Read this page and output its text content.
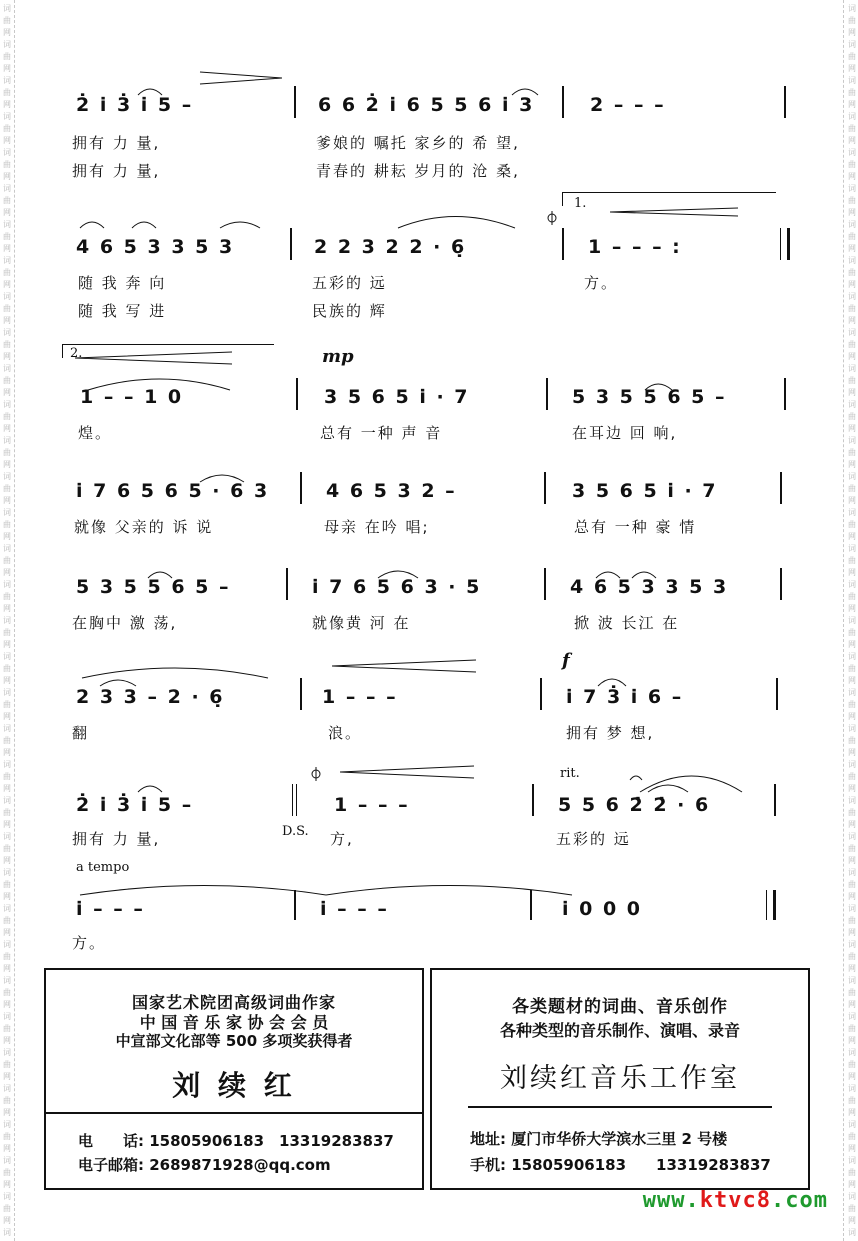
词
曲
网
词
曲
网
词
曲
网
词
曲
网
词
曲
网
词
曲
网
词
曲
网
词
曲
网
词
曲
网
词
曲
网
词
曲
网
词
曲
网
词
曲
网
词
曲
网
词
曲
网
词
曲
网
词
曲
网
词
曲
网
词
曲
网
词
曲
网
词
曲
网
词
曲
网
词
曲
网
词
曲
网
词
曲
网
词
曲
网
词
曲
网
词
曲
网
词
曲
网
词
曲
网
词
曲
网
词
曲
网
词
曲
网
词
曲
网
词
词
曲
网
词
曲
网
词
曲
网
词
曲
网
词
曲
网
词
曲
网
词
曲
网
词
曲
网
词
曲
网
词
曲
网
词
曲
网
词
曲
网
词
曲
网
词
曲
网
词
曲
网
词
曲
网
词
曲
网
词
曲
网
词
曲
网
词
曲
网
词
曲
网
词
曲
网
词
曲
网
词
曲
网
词
曲
网
词
曲
网
词
曲
网
词
曲
网
词
曲
网
词
曲
网
词
曲
网
词
曲
网
词
曲
网
词
曲
网
词
2̇ i̇ 3̇ i̇ 5 –	6 6 2̇ i̇ 6 5 5 6 i̇ 3	2 – – –
拥有 力 量,	爹娘的 嘱托 家乡的 希 望,
拥有 力 量,	青春的 耕耘 岁月的 沧 桑,
1.
4 6 5 3 3 5 3	2 2 3 2 2 · 6̣	1 – – – :
随 我 奔 向	五彩的 远	方。
随 我 写 进	民族的 辉
2.	mp
1 – – 1 0	3 5 6 5 i̇ · 7	5 3 5 5 6 5 –
煌。	总有 一种 声 音	在耳边 回 响,
i̇ 7 6 5 6 5 · 6 3	4 6 5 3 2 –	3 5 6 5 i̇ · 7
就像 父亲的 诉 说	母亲 在吟 唱;	总有 一种 豪 情
5 3 5 5 6 5 –	i̇ 7 6 5 6 3 · 5	4 6 5 3 3 5 3
在胸中 激 荡,	就像黄 河 在	掀 波 长江 在
f
2 3 3 – 2 · 6̣	1 – – –	i̇ 7 3̇ i̇ 6 –
翻	浪。	拥有 梦 想,
rit.
2̇ i̇ 3̇ i̇ 5 –	1 – – –	5 5 6 2̇ 2̇ · 6
D.S.
拥有 力 量,	方,	五彩的 远
a tempo
i̇ – – –	i̇ – – –	i̇ 0 0 0
方。
国家艺术院团高级词曲作家
中 国 音 乐 家 协 会 会 员
中宣部文化部等 500 多项奖获得者
刘 续 红
电　　话: 15805906183　13319283837
电子邮箱: 2689871928@qq.com
各类题材的词曲、音乐创作
各种类型的音乐制作、演唱、录音
刘续红音乐工作室
地址: 厦门市华侨大学滨水三里 2 号楼
手机: 15805906183　　13319283837
www.ktvc8.com
